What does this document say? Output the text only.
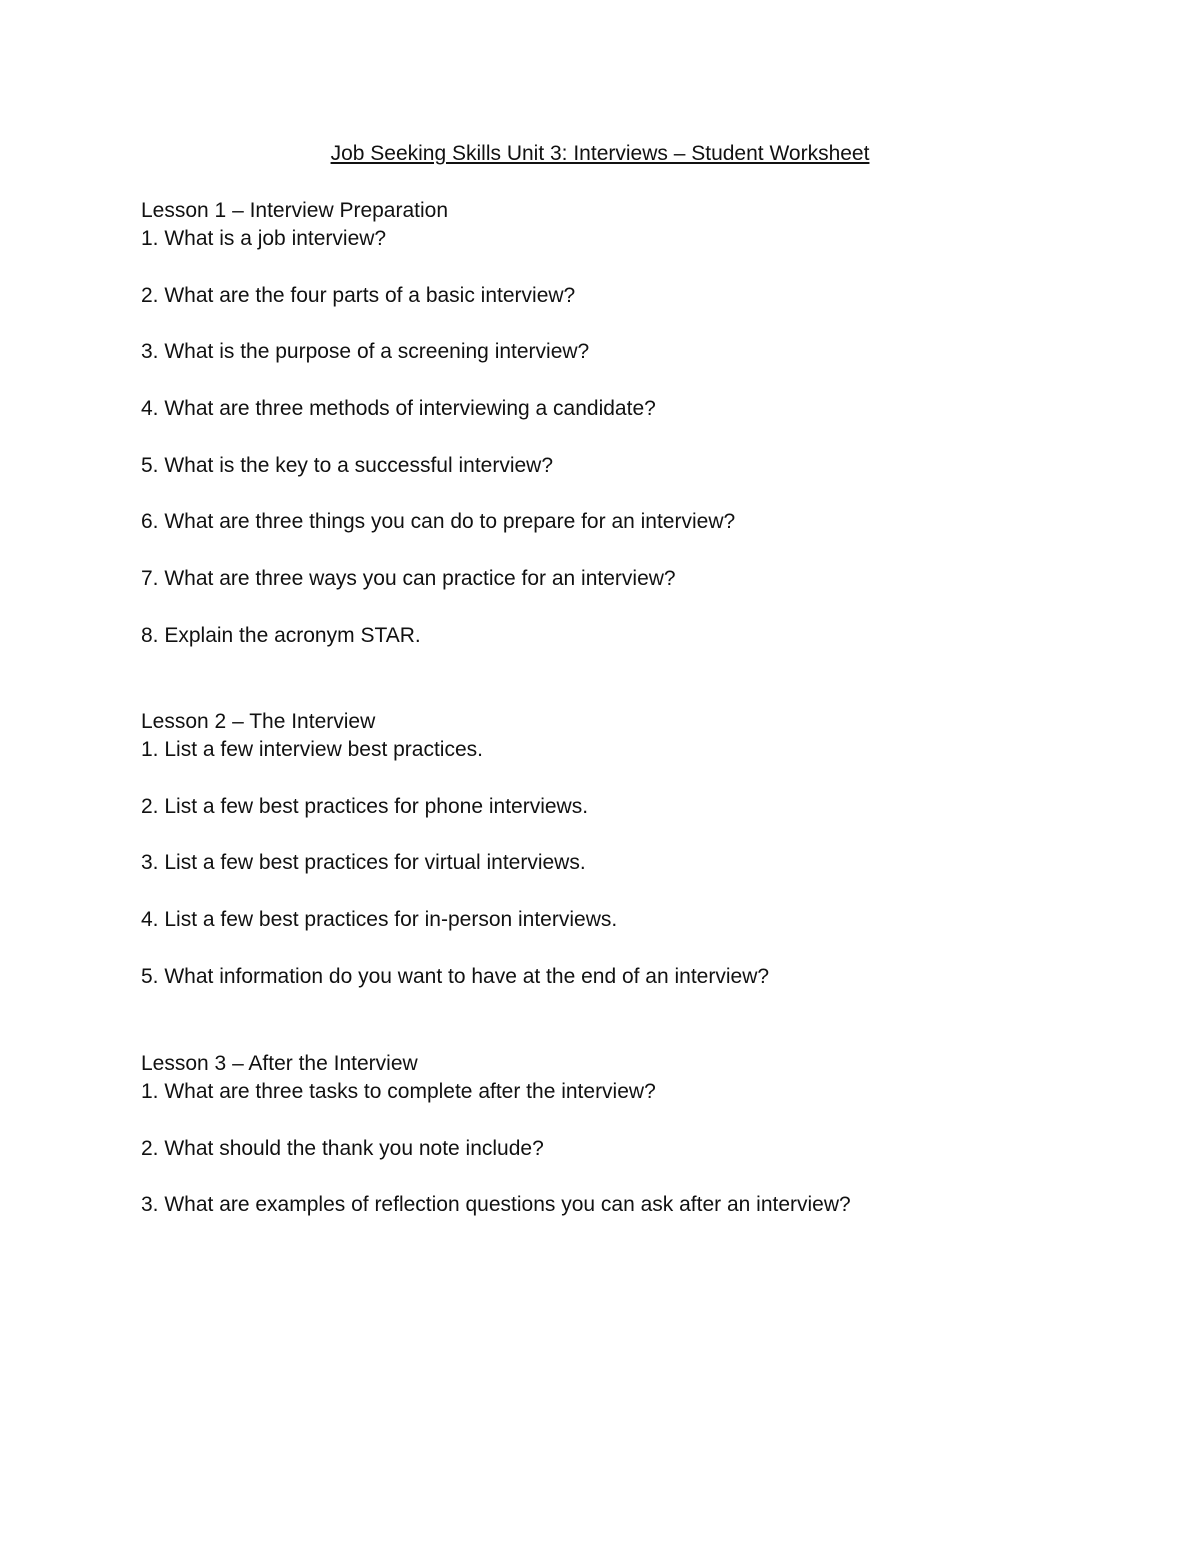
Job Seeking Skills Unit 3: Interviews – Student Worksheet
Lesson 1 – Interview Preparation
1. What is a job interview?
2. What are the four parts of a basic interview?
3. What is the purpose of a screening interview?
4. What are three methods of interviewing a candidate?
5. What is the key to a successful interview?
6. What are three things you can do to prepare for an interview?
7. What are three ways you can practice for an interview?
8. Explain the acronym STAR.
Lesson 2 – The Interview
1. List a few interview best practices.
2. List a few best practices for phone interviews.
3. List a few best practices for virtual interviews.
4. List a few best practices for in-person interviews.
5. What information do you want to have at the end of an interview?
Lesson 3 – After the Interview
1. What are three tasks to complete after the interview?
2. What should the thank you note include?
3. What are examples of reflection questions you can ask after an interview?
